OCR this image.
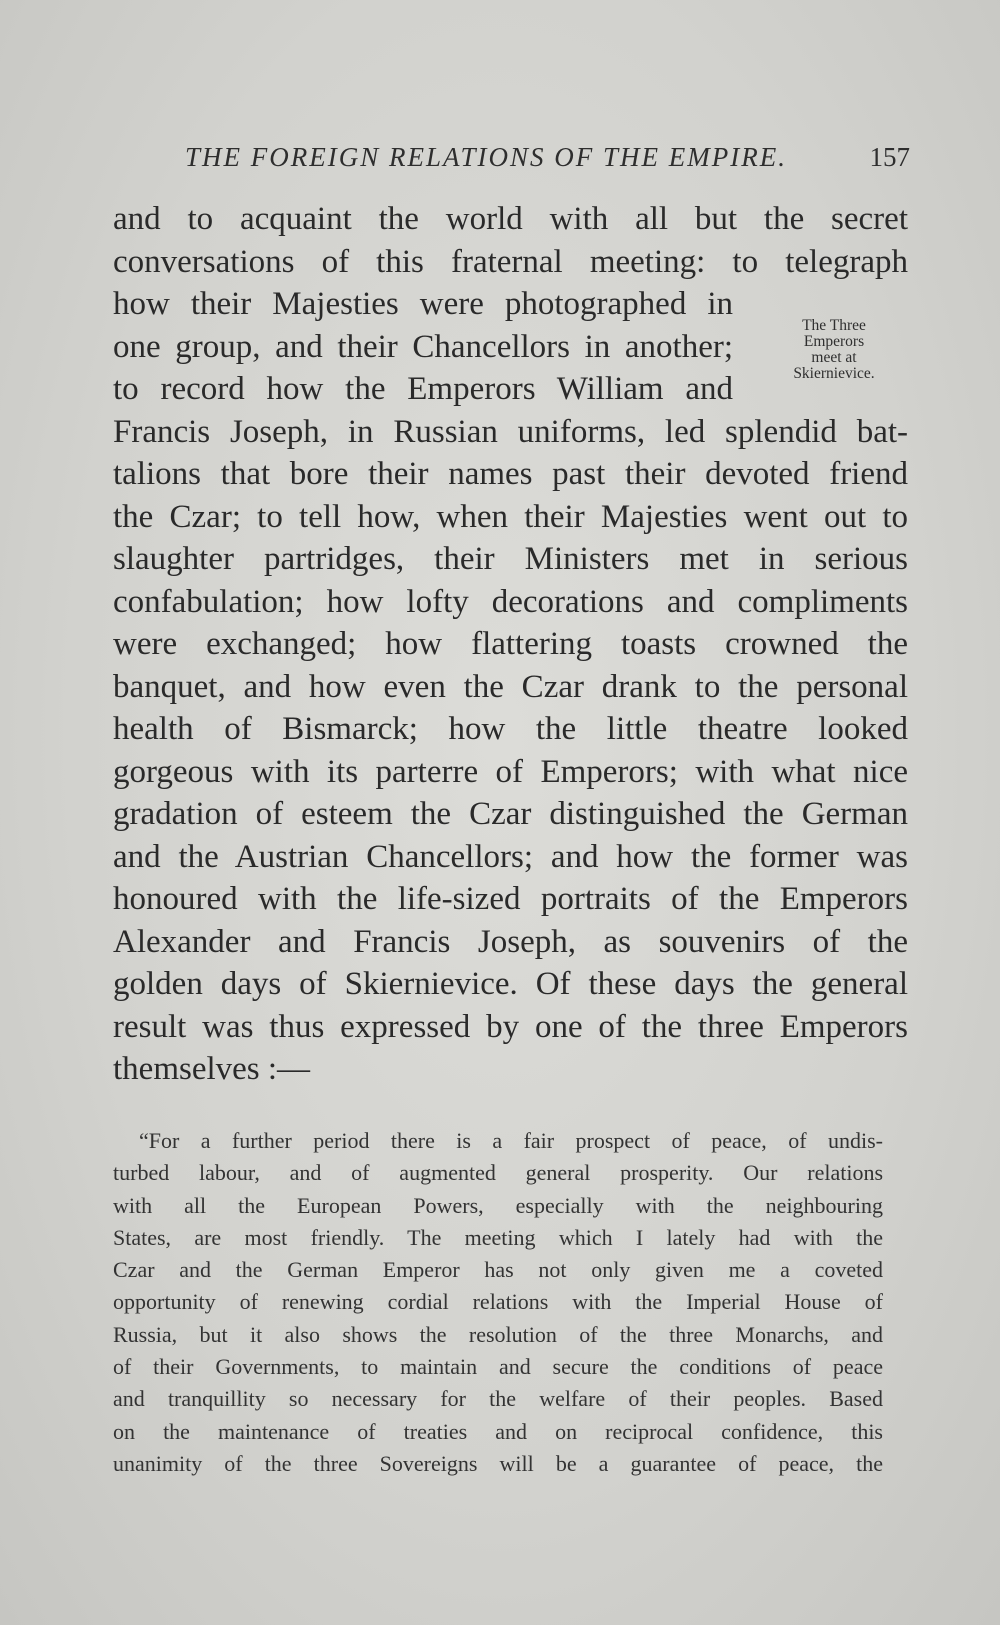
THE FOREIGN RELATIONS OF THE EMPIRE.	157
and to acquaint the world with all but the secret
conversations of this fraternal meeting: to telegraph
how their Majesties were photographed in
one group, and their Chancellors in another;
to record how the Emperors William and
Francis Joseph, in Russian uniforms, led splendid bat-
talions that bore their names past their devoted friend
the Czar; to tell how, when their Majesties went out to
slaughter partridges, their Ministers met in serious
confabulation; how lofty decorations and compliments
were exchanged; how flattering toasts crowned the
banquet, and how even the Czar drank to the personal
health of Bismarck; how the little theatre looked
gorgeous with its parterre of Emperors; with what nice
gradation of esteem the Czar distinguished the German
and the Austrian Chancellors; and how the former was
honoured with the life-sized portraits of the Emperors
Alexander and Francis Joseph, as souvenirs of the
golden days of Skiernievice. Of these days the general
result was thus expressed by one of the three Emperors
themselves :—
The Three
Emperors
meet at
Skiernievice.
“For a further period there is a fair prospect of peace, of undis-
turbed labour, and of augmented general prosperity. Our relations
with all the European Powers, especially with the neighbouring
States, are most friendly. The meeting which I lately had with the
Czar and the German Emperor has not only given me a coveted
opportunity of renewing cordial relations with the Imperial House of
Russia, but it also shows the resolution of the three Monarchs, and
of their Governments, to maintain and secure the conditions of peace
and tranquillity so necessary for the welfare of their peoples. Based
on the maintenance of treaties and on reciprocal confidence, this
unanimity of the three Sovereigns will be a guarantee of peace, the
